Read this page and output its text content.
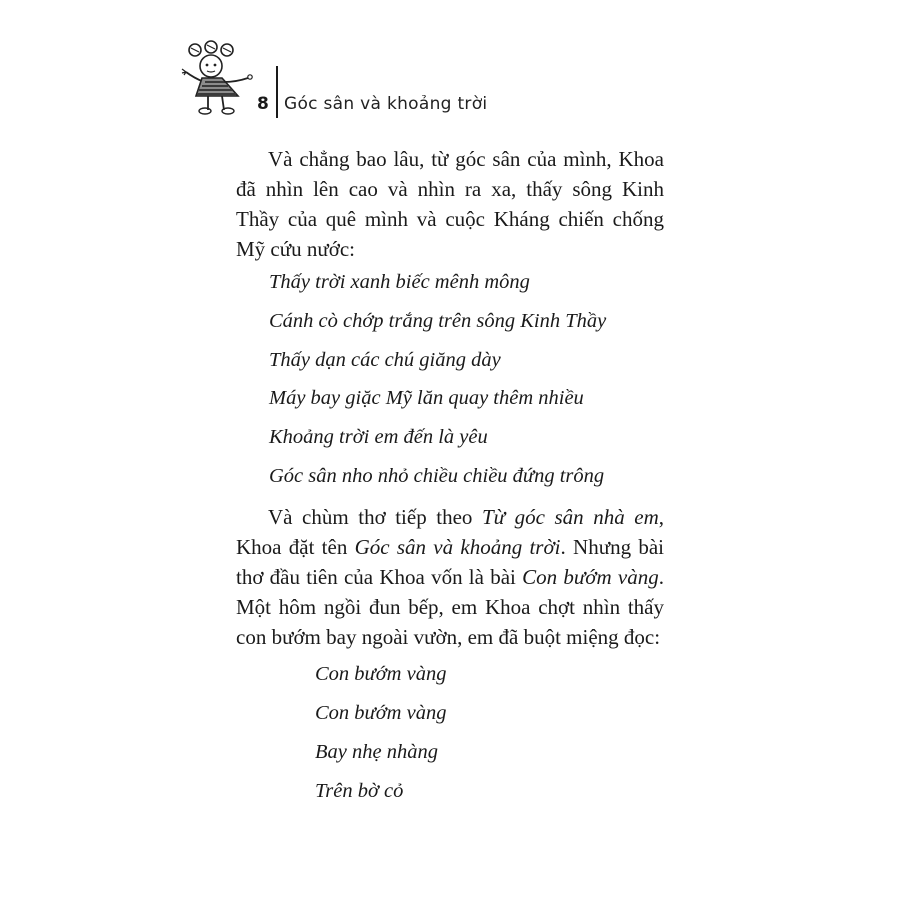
8 Góc sân và khoảng trời

Và chẳng bao lâu, từ góc sân của mình, Khoa đã nhìn lên cao và nhìn ra xa, thấy sông Kinh Thầy của quê mình và cuộc Kháng chiến chống Mỹ cứu nước:

Thấy trời xanh biếc mênh mông
Cánh cò chớp trắng trên sông Kinh Thầy
Thấy dạn các chú giăng dày
Máy bay giặc Mỹ lăn quay thêm nhiều
Khoảng trời em đến là yêu
Góc sân nho nhỏ chiều chiều đứng trông

Và chùm thơ tiếp theo Từ góc sân nhà em, Khoa đặt tên Góc sân và khoảng trời. Nhưng bài thơ đầu tiên của Khoa vốn là bài Con bướm vàng. Một hôm ngồi đun bếp, em Khoa chợt nhìn thấy con bướm bay ngoài vườn, em đã buột miệng đọc:

Con bướm vàng
Con bướm vàng
Bay nhẹ nhàng
Trên bờ cỏ
